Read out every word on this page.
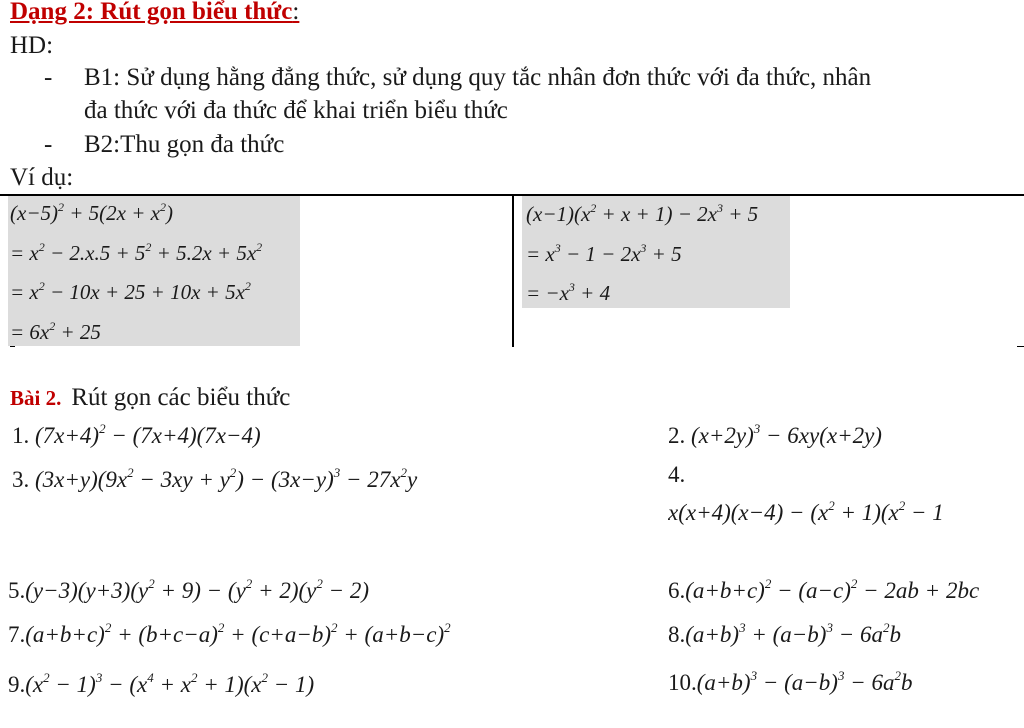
Dạng 2: Rút gọn biểu thức:
HD:
- B1: Sử dụng hằng đẳng thức, sử dụng quy tắc nhân đơn thức với đa thức, nhân
đa thức với đa thức để khai triển biểu thức
- B2:Thu gọn đa thức
Ví dụ:
$(x-5)^2 + 5(2x + x^2)$
= $x^2 - 2.x.5 + 5^2 + 5.2x + 5x^2$
= $x^2 - 10x + 25 + 10x + 5x^2$
= $6x^2 + 25$
$(x-1)(x^2 + x + 1) - 2x^3 + 5$
= $x^3 - 1 - 2x^3 + 5$
= $-x^3 + 4$
Bài 2. Rút gọn các biểu thức
1. $(7x+4)^2 - (7x+4)(7x-4)$	2. $(x+2y)^3 - 6xy(x+2y)$
3. $(3x+y)(9x^2 - 3xy + y^2) - (3x-y)^3 - 27x^2y$	4.
$x(x+4)(x-4) - (x^2 + 1)(x^2 - 1$
$5.(y-3)(y+3)(y^2 + 9) - (y^2 + 2)(y^2 - 2)$	$6.(a+b+c)^2 - (a-c)^2 - 2ab + 2bc$
$7.(a+b+c)^2 + (b+c-a)^2 + (c+a-b)^2 + (a+b-c)^2$	$8.(a+b)^3 + (a-b)^3 - 6a^2b$
$9.(x^2 - 1)^3 - (x^4 + x^2 + 1)(x^2 - 1)$	$10.(a+b)^3 - (a-b)^3 - 6a^2b$
